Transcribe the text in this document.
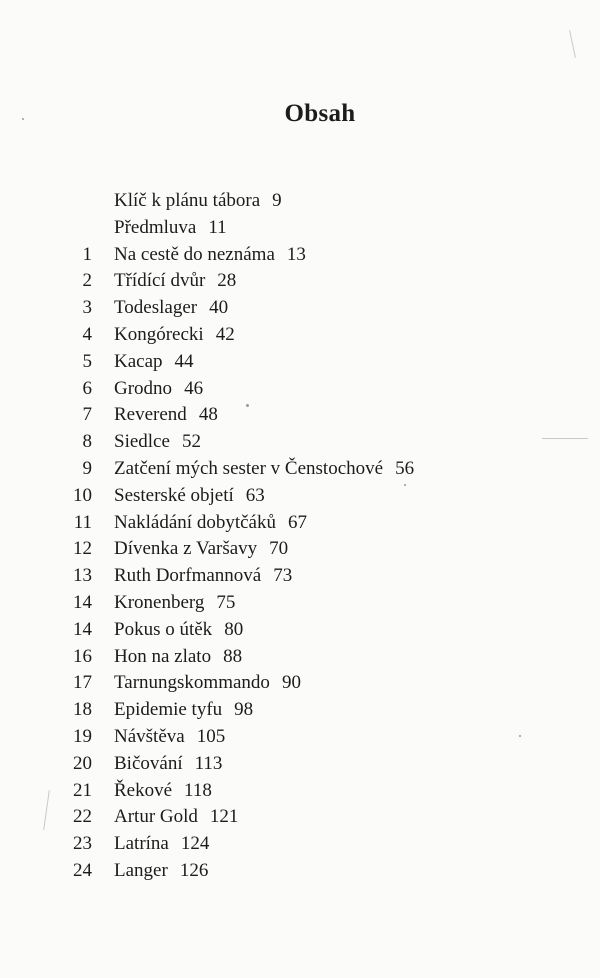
Obsah
Klíč k plánu tábora 9
Předmluva 11
1 Na cestě do neznáma 13
2 Třídící dvůr 28
3 Todeslager 40
4 Kongórecki 42
5 Kacap 44
6 Grodno 46
7 Reverend 48
8 Siedlce 52
9 Zatčení mých sester v Čenstochové 56
10 Sesterské objetí 63
11 Nakládání dobytčáků 67
12 Dívenka z Varšavy 70
13 Ruth Dorfmannová 73
14 Kronenberg 75
14 Pokus o útěk 80
16 Hon na zlato 88
17 Tarnungskommando 90
18 Epidemie tyfu 98
19 Návštěva 105
20 Bičování 113
21 Řekové 118
22 Artur Gold 121
23 Latrína 124
24 Langer 126
